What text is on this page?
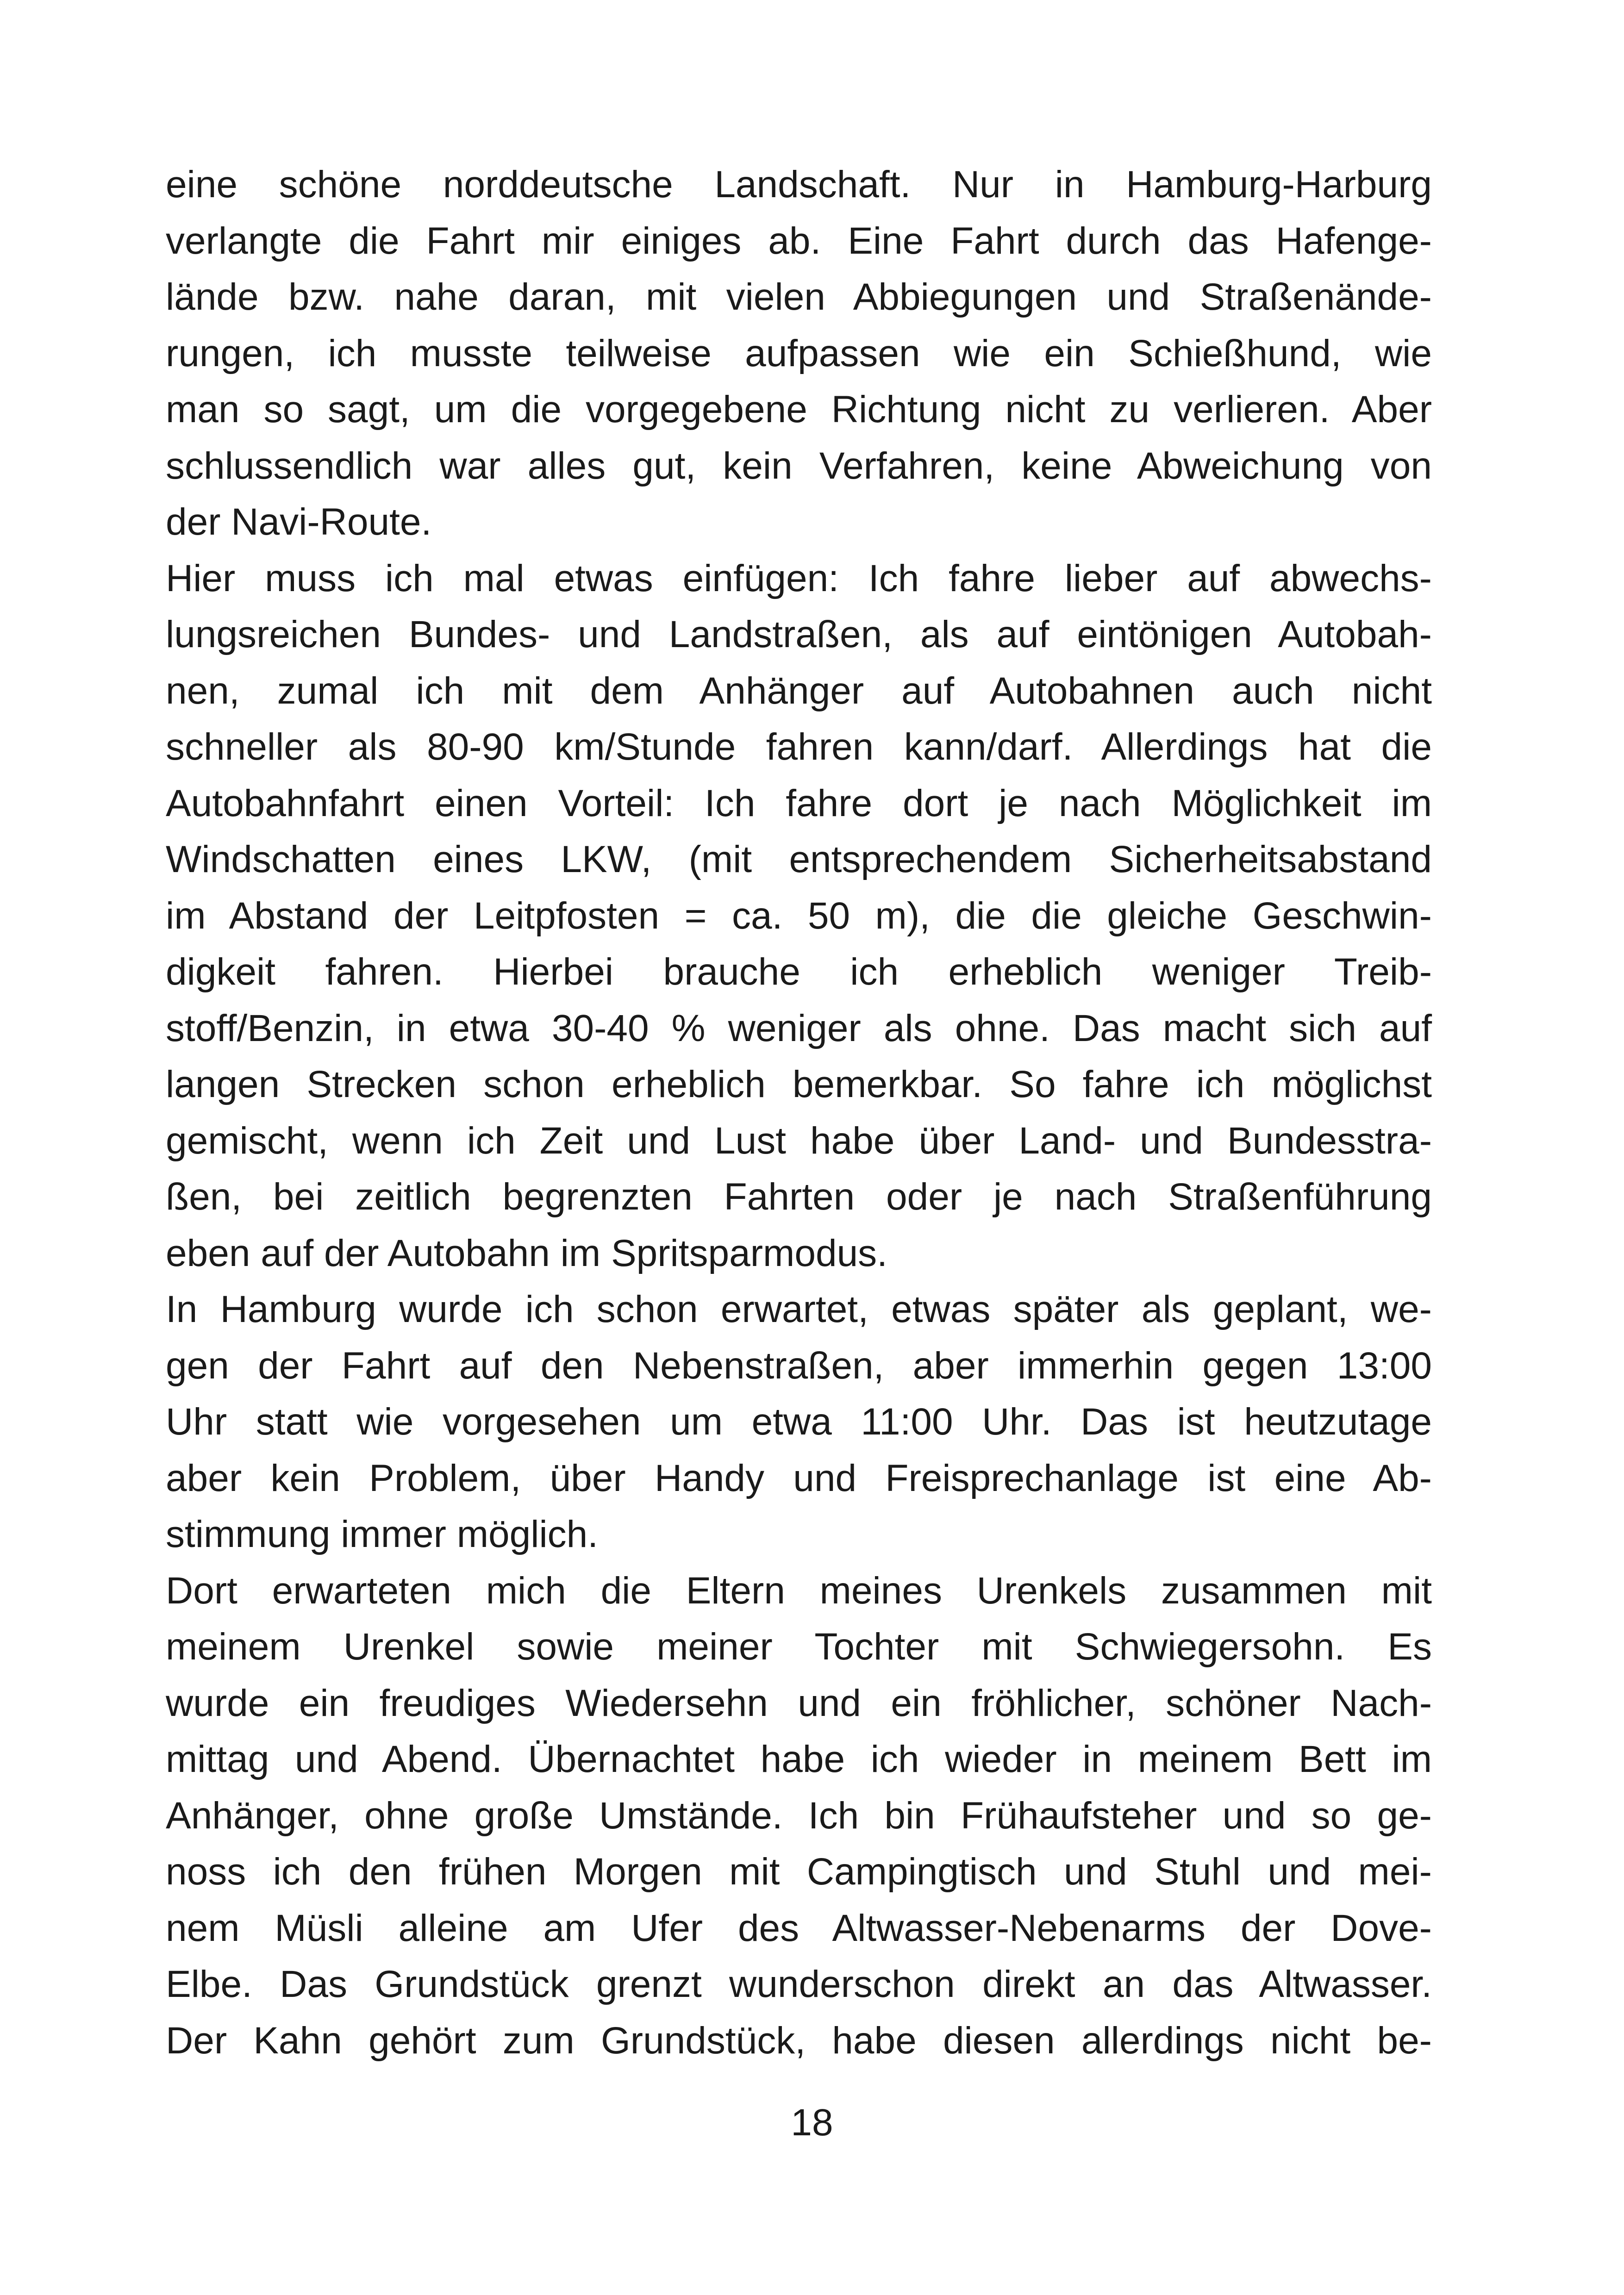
eine schöne norddeutsche Landschaft. Nur in Hamburg-Harburg
verlangte die Fahrt mir einiges ab. Eine Fahrt durch das Hafenge-
lände bzw. nahe daran, mit vielen Abbiegungen und Straßenände-
rungen, ich musste teilweise aufpassen wie ein Schießhund, wie
man so sagt, um die vorgegebene Richtung nicht zu verlieren. Aber
schlussendlich war alles gut, kein Verfahren, keine Abweichung von
der Navi-Route.
Hier muss ich mal etwas einfügen: Ich fahre lieber auf abwechs-
lungsreichen Bundes- und Landstraßen, als auf eintönigen Autobah-
nen, zumal ich mit dem Anhänger auf Autobahnen auch nicht
schneller als 80-90 km/Stunde fahren kann/darf. Allerdings hat die
Autobahnfahrt einen Vorteil: Ich fahre dort je nach Möglichkeit im
Windschatten eines LKW, (mit entsprechendem Sicherheitsabstand
im Abstand der Leitpfosten = ca. 50 m), die die gleiche Geschwin-
digkeit fahren. Hierbei brauche ich erheblich weniger Treib-
stoff/Benzin, in etwa 30-40 % weniger als ohne. Das macht sich auf
langen Strecken schon erheblich bemerkbar. So fahre ich möglichst
gemischt, wenn ich Zeit und Lust habe über Land- und Bundesstra-
ßen, bei zeitlich begrenzten Fahrten oder je nach Straßenführung
eben auf der Autobahn im Spritsparmodus.
In Hamburg wurde ich schon erwartet, etwas später als geplant, we-
gen der Fahrt auf den Nebenstraßen, aber immerhin gegen 13:00
Uhr statt wie vorgesehen um etwa 11:00 Uhr. Das ist heutzutage
aber kein Problem, über Handy und Freisprechanlage ist eine Ab-
stimmung immer möglich.
Dort erwarteten mich die Eltern meines Urenkels zusammen mit
meinem Urenkel sowie meiner Tochter mit Schwiegersohn. Es
wurde ein freudiges Wiedersehn und ein fröhlicher, schöner Nach-
mittag und Abend. Übernachtet habe ich wieder in meinem Bett im
Anhänger, ohne große Umstände. Ich bin Frühaufsteher und so ge-
noss ich den frühen Morgen mit Campingtisch und Stuhl und mei-
nem Müsli alleine am Ufer des Altwasser-Nebenarms der Dove-
Elbe. Das Grundstück grenzt wunderschon direkt an das Altwasser.
Der Kahn gehört zum Grundstück, habe diesen allerdings nicht be-
18
